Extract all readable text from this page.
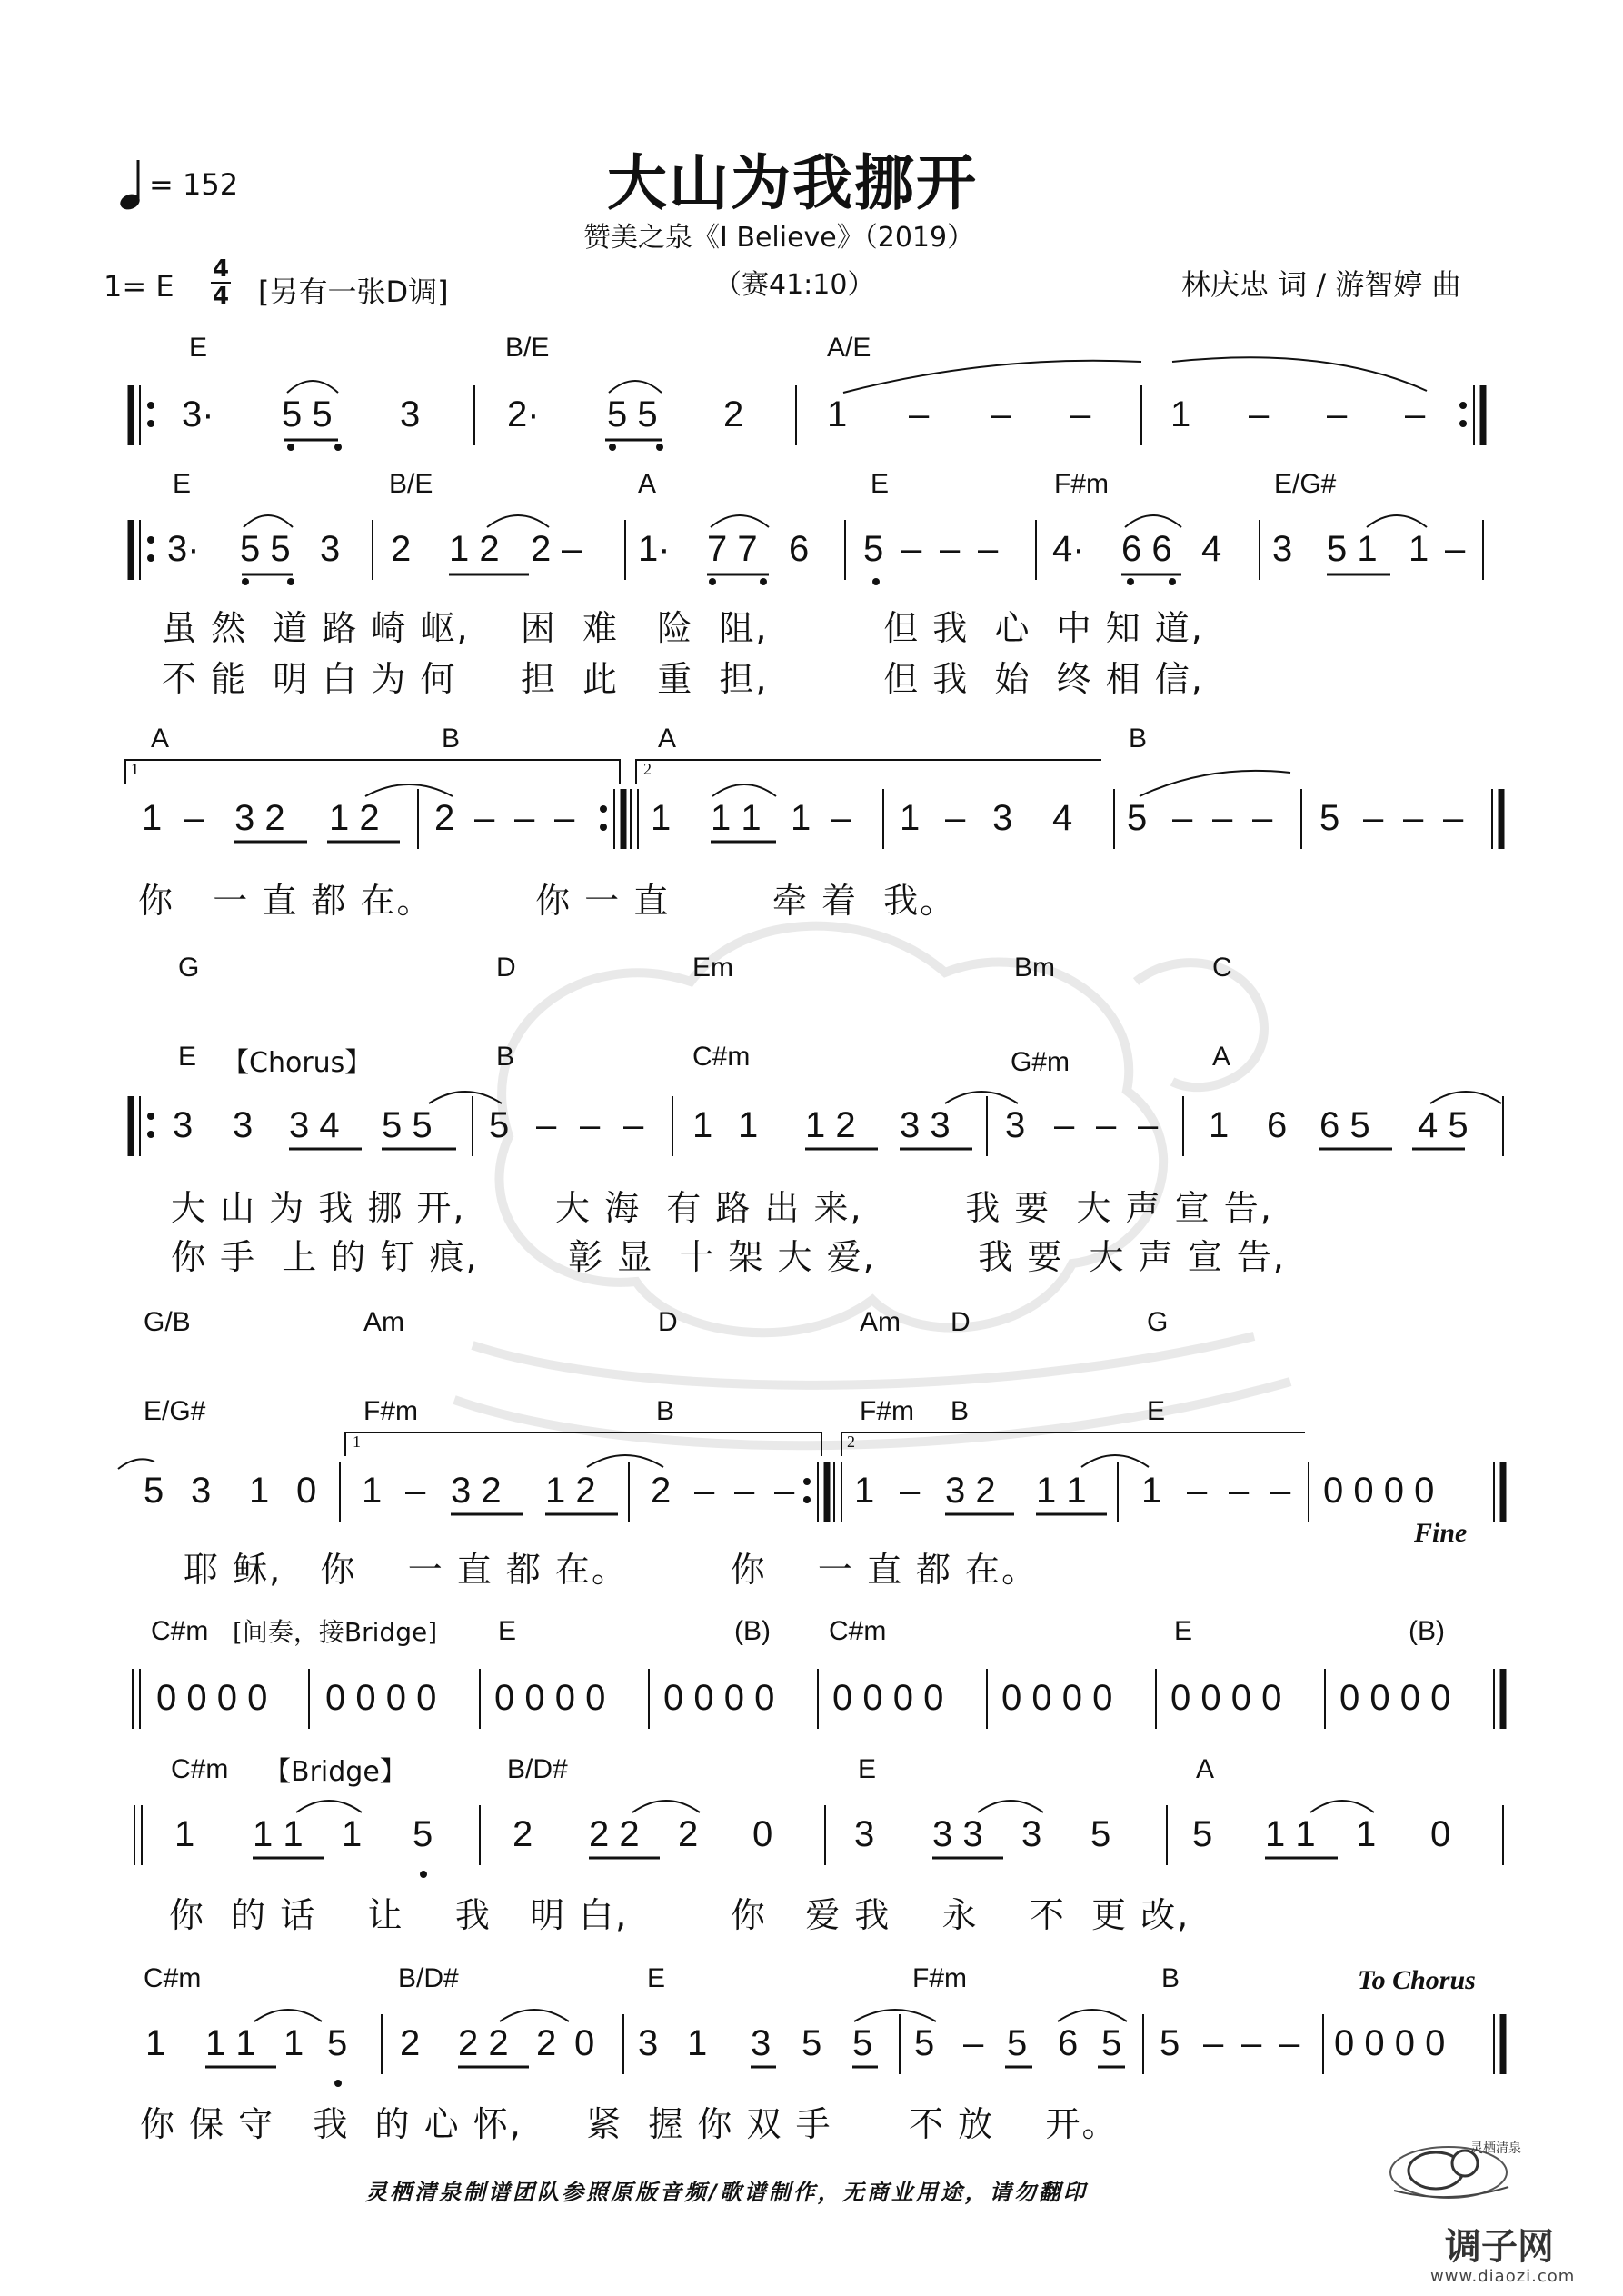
= 152	大山为我挪开
赞美之泉《I Believe》（2019）
1= E 4
4 [另有一张D调]	（赛41:10）	林庆忠 词 / 游智婷 曲
E	B/E	A/E
3· 5 5 3 2· 5 5 2 1 – – – 1 – – –
E	B/E	A	E	F#m	E/G#
3· 5 5 3 2 1 2 2 – 1· 7 7 6 5 – – – 4· 6 6 4 3 5 1 1 –
虽 然  道 路 崎 岖,    困  难   险  阻,         但 我  心  中 知 道,
不 能  明 白 为 何     担  此   重  担,         但 我  始  终 相 信,
A	B	A	B
1	2
1 – 3 2 1 2 2 – – – 1 1 1 1 – 1 – 3 4 5 – – – 5 – – –
你   一 直 都 在。        你 一 直        牵 着  我。
G	D	Em	Bm	C
E 【Chorus】	B	C#m	G#m	A
3 3 3 4 5 5 5 – – – 1 1 1 2 3 3 3 – – – 1 6 6 5 4 5
大 山 为 我 挪 开,       大 海  有 路 出 来,        我 要  大 声 宣 告,
你 手  上 的 钉 痕,       彰 显  十 架 大 爱,        我 要  大 声 宣 告,
G/B	Am	D	Am D	G
E/G#	F#m	B	F#m B	E
1	2
5 3 1 0 1 – 3 2 1 2 2 – – – 1 – 3 2 1 1 1 – – – 0 0 0 0
Fine
耶 稣,   你    一 直 都 在。        你    一 直 都 在。
C#m [间奏，接Bridge] E	(B) C#m	E	(B)
0 0 0 0 0 0 0 0 0 0 0 0 0 0 0 0 0 0 0 0 0 0 0 0 0 0 0 0 0 0 0 0
C#m 【Bridge】	B/D#	E	A
1 1 1 1 5 2 2 2 2 0 3 3 3 3 5 5 1 1 1 0
你  的 话    让    我   明 白,        你   爱 我    永    不  更 改,
C#m	B/D#	E	F#m	B	To Chorus
1 1 1 1 5 2 2 2 2 0 3 1 3 5 5 5 – 5 6 5 5 – – – 0 0 0 0
你 保 守   我  的 心 怀,     紧  握 你 双 手      不 放    开。
灵栖清泉制谱团队参照原版音频/歌谱制作，无商业用途，请勿翻印
灵栖清泉
调子网
www.diaozi.com
